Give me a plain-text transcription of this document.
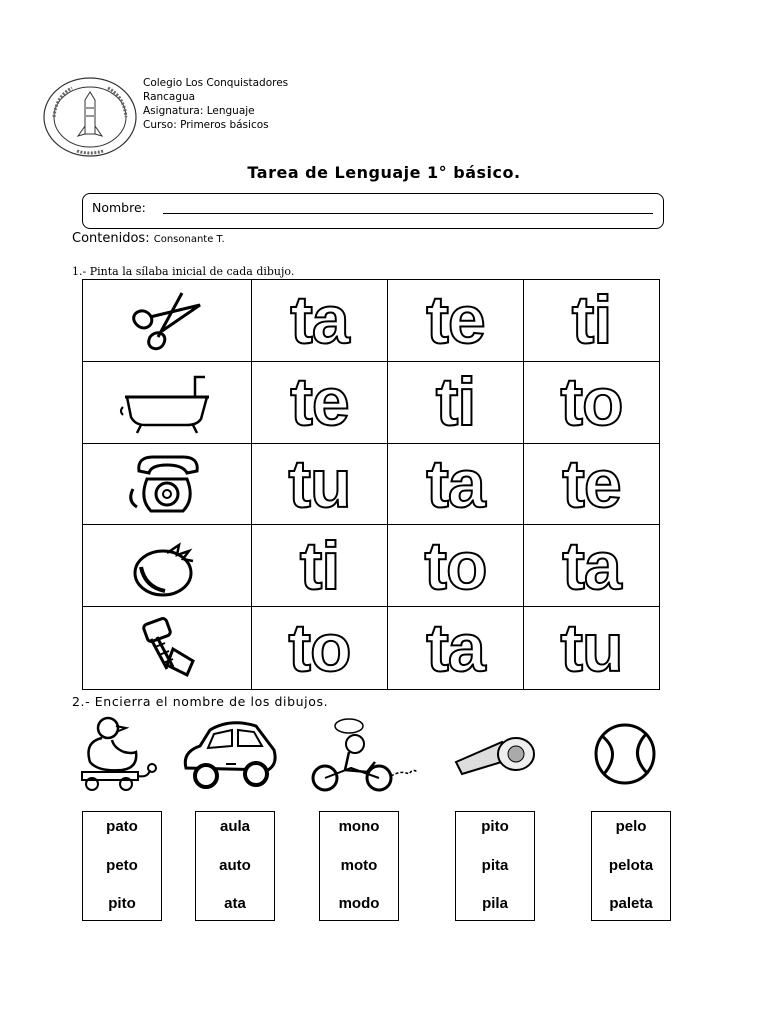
Colegio Los Conquistadores
Rancagua
Asignatura: Lenguaje
Curso: Primeros básicos
Tarea de Lenguaje 1° básico.
Nombre:
Contenidos: Consonante T.
1.- Pinta la sílaba inicial de cada dibujo.
ta te ti
te ti to
tu ta te
ti to ta
to ta tu
2.- Encierra el nombre de los dibujos.
pato
peto
pito
aula
auto
ata
mono
moto
modo
pito
pita
pila
pelo
pelota
paleta
